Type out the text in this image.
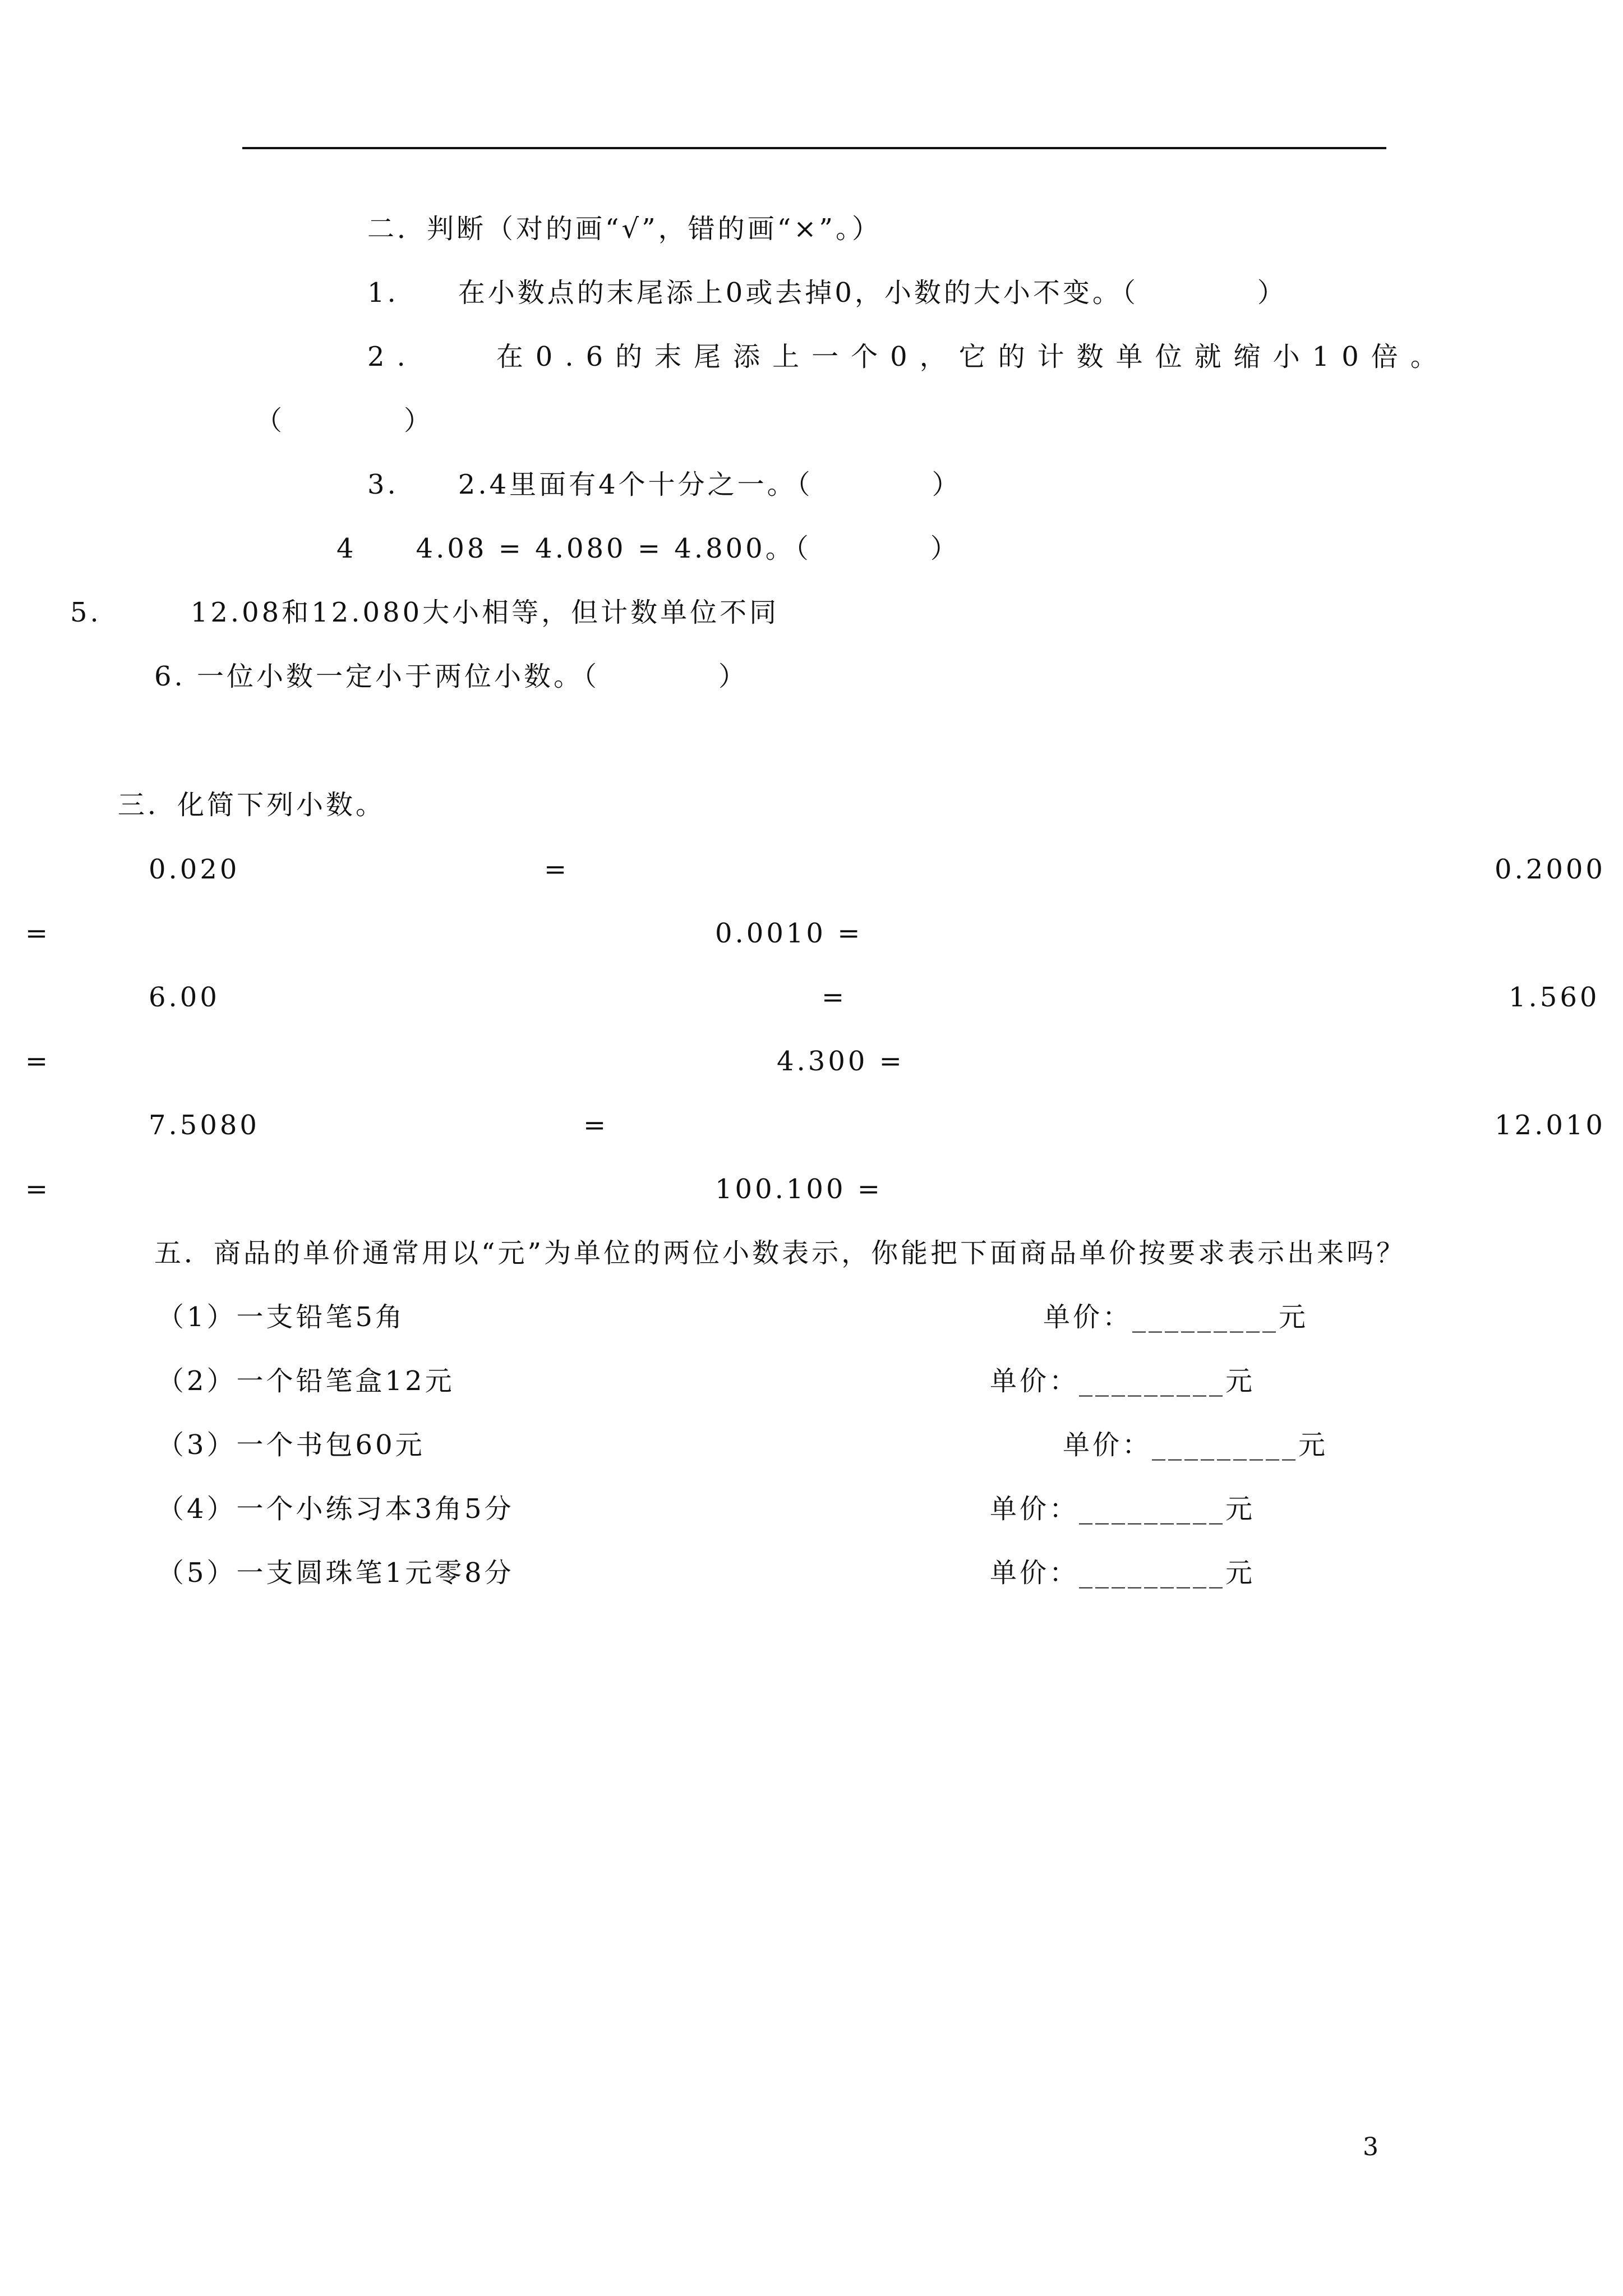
二．判断（对的画“√”，错的画“×”。）
1.　　在小数点的末尾添上0或去掉0，小数的大小不变。（　　　　）
2.　　在0.6的末尾添上一个0，它的计数单位就缩小10倍。
（　　　　）
3.　　2.4里面有4个十分之一。（　　　　）
4　　4.08 = 4.080 = 4.800。（　　　　）
5.　　　12.08和12.080大小相等，但计数单位不同
6. 一位小数一定小于两位小数。（　　　　）
三．化简下列小数。
0.020	=	0.2000
=	0.0010 =
6.00	=	1.560
=	4.300 =
7.5080	=	12.010
=	100.100 =
五．商品的单价通常用以“元”为单位的两位小数表示，你能把下面商品单价按要求表示出来吗？
（1）一支铅笔5角	单价：_________元
（2）一个铅笔盒12元	单价：_________元
（3）一个书包60元	单价：_________元
（4）一个小练习本3角5分	单价：_________元
（5）一支圆珠笔1元零8分	单价：_________元
3
